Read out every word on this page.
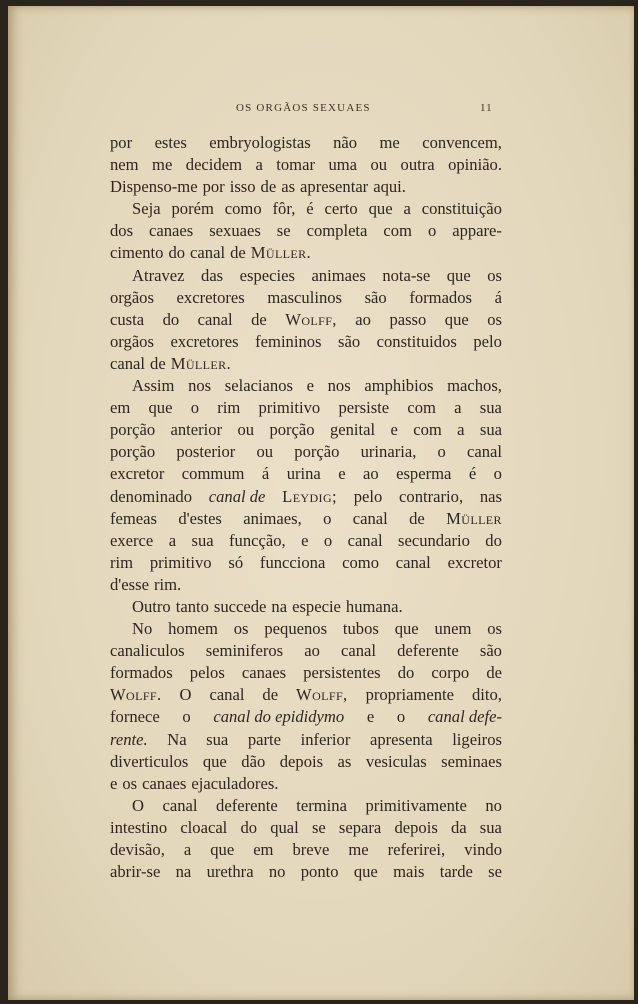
OS ORGÃOS SEXUAES	11
por estes embryologistas não me convencem,
nem me decidem a tomar uma ou outra opinião.
Dispenso-me por isso de as apresentar aqui.
Seja porém como fôr, é certo que a constituição
dos canaes sexuaes se completa com o appare-
cimento do canal de Müller.
Atravez das especies animaes nota-se que os
orgãos excretores masculinos são formados á
custa do canal de Wolff, ao passo que os
orgãos excretores femininos são constituidos pelo
canal de Müller.
Assim nos selacianos e nos amphibios machos,
em que o rim primitivo persiste com a sua
porção anterior ou porção genital e com a sua
porção posterior ou porção urinaria, o canal
excretor commum á urina e ao esperma é o
denominado canal de Leydig; pelo contrario, nas
femeas d'estes animaes, o canal de Müller
exerce a sua funcção, e o canal secundario do
rim primitivo só funcciona como canal excretor
d'esse rim.
Outro tanto succede na especie humana.
No homem os pequenos tubos que unem os
canaliculos seminiferos ao canal deferente são
formados pelos canaes persistentes do corpo de
Wolff. O canal de Wolff, propriamente dito,
fornece o canal do epididymo e o canal defe-
rente. Na sua parte inferior apresenta ligeiros
diverticulos que dão depois as vesiculas seminaes
e os canaes ejaculadores.
O canal deferente termina primitivamente no
intestino cloacal do qual se separa depois da sua
devisão, a que em breve me referirei, vindo
abrir-se na urethra no ponto que mais tarde se
